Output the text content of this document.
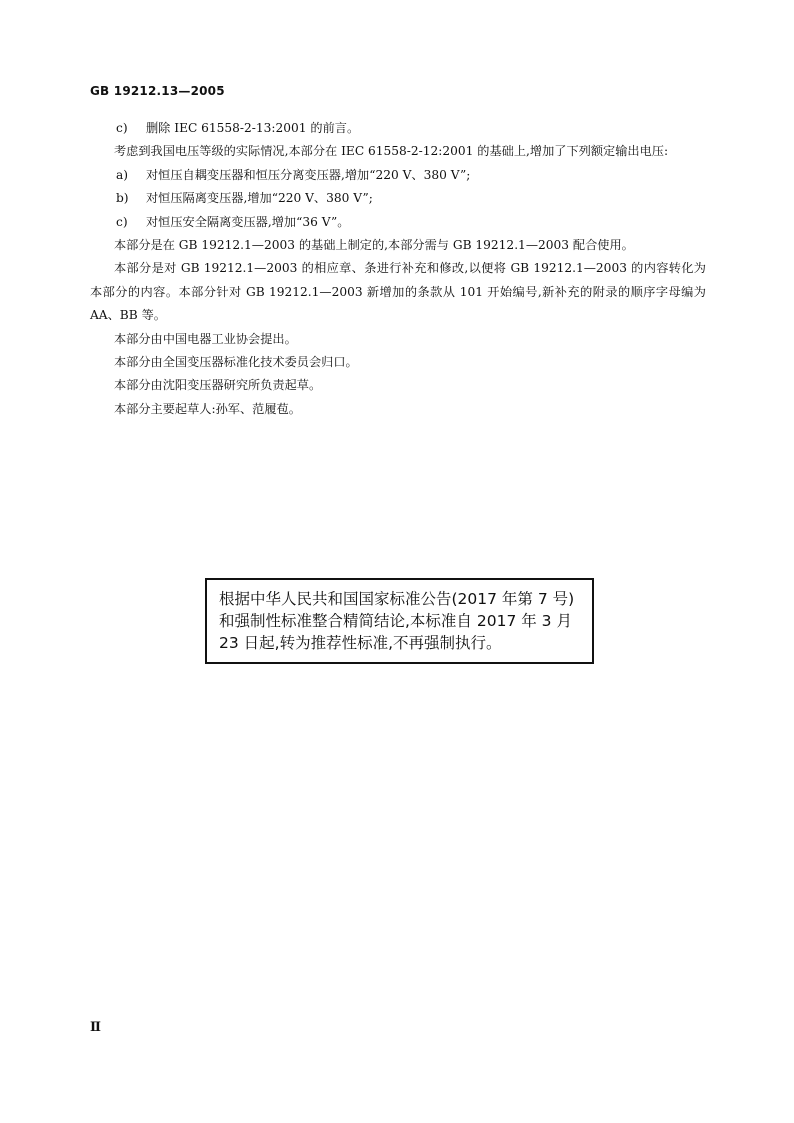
GB 19212.13—2005

c)	删除 IEC 61558-2-13:2001 的前言。

考虑到我国电压等级的实际情况,本部分在 IEC 61558-2-12:2001 的基础上,增加了下列额定输出电压:

a)	对恒压自耦变压器和恒压分离变压器,增加“220 V、380 V”;

b)	对恒压隔离变压器,增加“220 V、380 V”;

c)	对恒压安全隔离变压器,增加“36 V”。

本部分是在 GB 19212.1—2003 的基础上制定的,本部分需与 GB 19212.1—2003 配合使用。

本部分是对 GB 19212.1—2003 的相应章、条进行补充和修改,以便将 GB 19212.1—2003 的内容转化为本部分的内容。本部分针对 GB 19212.1—2003 新增加的条款从 101 开始编号,新补充的附录的顺序字母编为 AA、BB 等。

本部分由中国电器工业协会提出。

本部分由全国变压器标准化技术委员会归口。

本部分由沈阳变压器研究所负责起草。

本部分主要起草人:孙军、范履苞。

根据中华人民共和国国家标准公告(2017 年第 7 号)和强制性标准整合精简结论,本标准自 2017 年 3 月 23 日起,转为推荐性标准,不再强制执行。
Ⅱ
